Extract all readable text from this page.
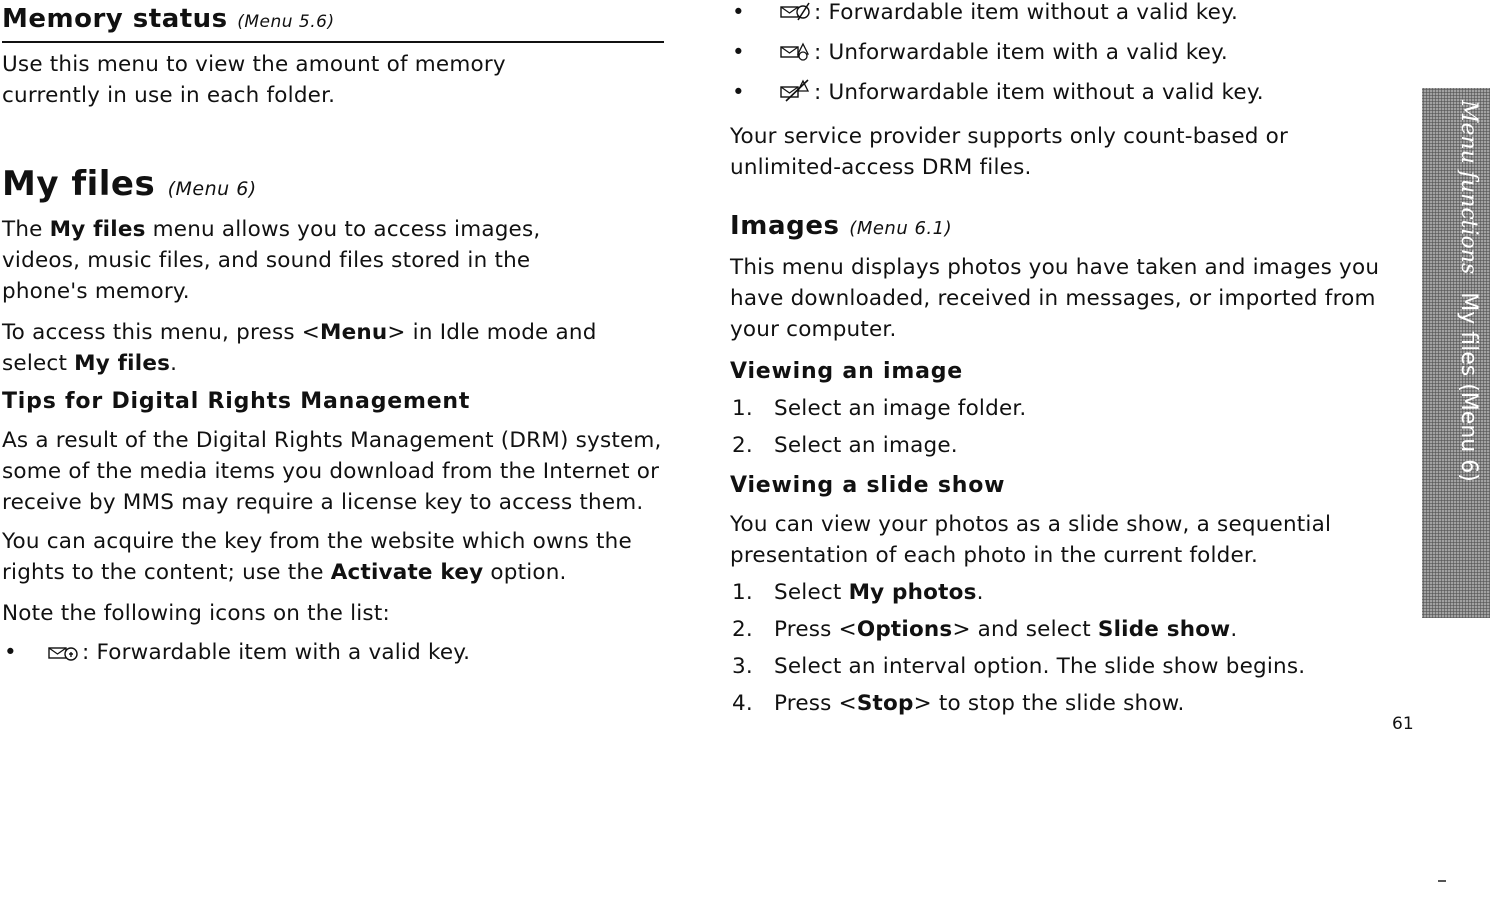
Memory status (Menu 5.6)

Use this menu to view the amount of memory currently in use in each folder.

My files (Menu 6)

The My files menu allows you to access images, videos, music files, and sound files stored in the phone's memory.

To access this menu, press <Menu> in Idle mode and select My files.

Tips for Digital Rights Management

As a result of the Digital Rights Management (DRM) system, some of the media items you download from the Internet or receive by MMS may require a license key to access them.

You can acquire the key from the website which owns the rights to the content; use the Activate key option.

Note the following icons on the list:

•	: Forwardable item with a valid key.

•	: Forwardable item without a valid key.

•	: Unforwardable item with a valid key.

•	: Unforwardable item without a valid key.

Your service provider supports only count-based or unlimited-access DRM files.

Images (Menu 6.1)

This menu displays photos you have taken and images you have downloaded, received in messages, or imported from your computer.

Viewing an image

1. Select an image folder.

2. Select an image.

Viewing a slide show

You can view your photos as a slide show, a sequential presentation of each photo in the current folder.

1. Select My photos.

2. Press <Options> and select Slide show.

3. Select an interval option. The slide show begins.

4. Press <Stop> to stop the slide show.

Menu functionsMy files (Menu 6)
61
